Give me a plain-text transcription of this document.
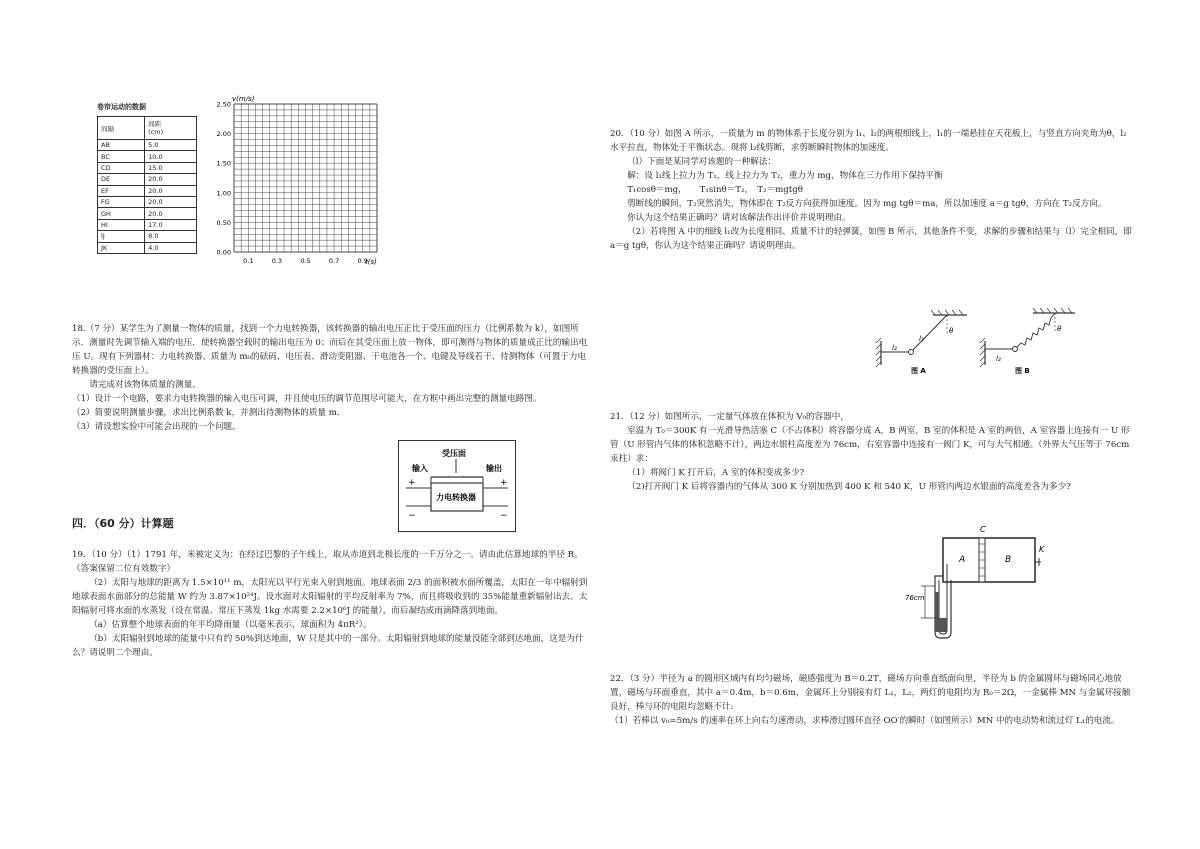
卷帘运动的数据
间隔	间距
(cm)
AB	5.0
BC	10.0
CD	15.0
DE	20.0
EF	20.0
FG	20.0
GH	20.0
HI	17.0
IJ	8.0
JK	4.0
0.00
0.50
1.00
1.50
2.00
2.50
0.1	0.3	0.5	0.7	0.9
v(m/s)
t(s)

18.（7 分）某学生为了测量一物体的质量，找到一个力电转换器，该转换器的输出电压正比于受压面的压力（比例系数为 k），如图所示．测量时先调节输入端的电压．使转换器空载时的输出电压为 0；而后在其受压面上放一物体，即可测得与物体的质量成正比的输出电压 U。现有下列器材：力电转换器、质量为 m₀的砝码、电压表、滑动变阻器、干电池各一个、电键及导线若干、待测物体（可置于力电转换器的受压面上）。

请完成对该物体质量的测量。

（1）设计一个电路，要求力电转换器的输入电压可调，并且使电压的调节范围尽可能大，在方框中画出完整的测量电路图。

（2）简要说明测量步骤，求出比例系数 k，并测出待测物体的质量 m．

（3）请设想实验中可能会出现的一个问题。

受压面
输入	输出
力电转换器
+
−
+
−
四．（60 分）计算题

19．（10 分）（1）1791 年，米被定义为：在经过巴黎的子午线上，取从赤道到北极长度的一千万分之一。请由此估算地球的半径 R。（答案保留二位有效数字）

（2）太阳与地球的距离为 1.5×10¹¹ m，太阳光以平行光束入射到地面。地球表面 2/3 的面积被水面所覆盖，太阳在一年中辐射到地球表面水面部分的总能量 W 约为 3.87×10²⁴J。设水面对太阳辐射的平均反射率为 7%，而且将吸收到的 35%能量重新辐射出去。太阳辐射可将水面的水蒸发（设在常温、常压下蒸发 1kg 水需要 2.2×10⁶J 的能量），而后凝结成雨滴降落到地面。

（a）估算整个地球表面的年平均降雨量（以毫米表示，球面积为 4πR²）。

（b）太阳辐射到地球的能量中只有约 50%到达地面，W 只是其中的一部分。太阳辐射到地球的能量没能全部到达地面，这是为什么？请说明二个理由。

20．（10 分）如图 A 所示，一质量为 m 的物体系于长度分别为 l₁、l₂的两根细线上，l₁的一端悬挂在天花板上，与竖直方向夹角为θ，l₂水平拉直，物体处于平衡状态。现将 l₂线剪断，求剪断瞬时物体的加速度。

（l）下面是某同学对该题的一种解法：

解：设 l₁线上拉力为 T₁，线上拉力为 T₂，重力为 mg，物体在三力作用下保持平衡

T₁cosθ＝mg，　　T₁sinθ＝T₂，　T₂＝mgtgθ

剪断线的瞬间，T₂突然消失，物体即在 T₂反方向获得加速度。因为 mg tgθ＝ma，所以加速度 a＝g tgθ，方向在 T₂反方向。

你认为这个结果正确吗？请对该解法作出评价并说明理由。

（2）若将图 A 中的细线 l₁改为长度相同、质量不计的轻弹簧，如图 B 所示，其他条件不变，求解的步骤和结果与（l）完全相同，即 a＝g tgθ，你认为这个结果正确吗？请说明理由。

l₁
θ
l₂
图 A
θ
l₂
图 B

21．（12 分）如图所示，一定量气体放在体积为 V₀的容器中，

室温为 T₀＝300K 有一光滑导热活塞 C（不占体积）将容器分成 A，B 两室，B 室的体积是 A 室的两倍，A 室容器上连接有一 U 形管（U 形管内气体的体积忽略不计），两边水银柱高度差为 76cm，右室容器中连接有一阀门 K，可与大气相通。（外界大气压等于 76cm 汞柱）求：

（1）将阀门 K 打开后，A 室的体积变成多少?

（2)打开阀门 K 后将容器内的气体从 300 K 分别加热到 400 K 和 540 K，U 形管内两边水银面的高度差各为多少?

C
A	B
K
76cm

22．（3 分）半径为 a 的圆形区域内有均匀磁场，磁感强度为 B＝0.2T，磁场方向垂直纸面向里，半径为 b 的金属圆环与磁场同心地放置，磁场与环面垂直，其中 a＝0.4m，b＝0.6m，金属环上分别接有灯 L₁，L₂，两灯的电阻均为 R₀＝2Ω，一金属棒 MN 与金属环接触良好，棒与环的电阻均忽略不计:

（1）若棒以 v₀=5m/s 的速率在环上向右匀速滑动，求棒滑过圆环直径 OO′的瞬时（如图所示）MN 中的电动势和流过灯 L₁的电流。
